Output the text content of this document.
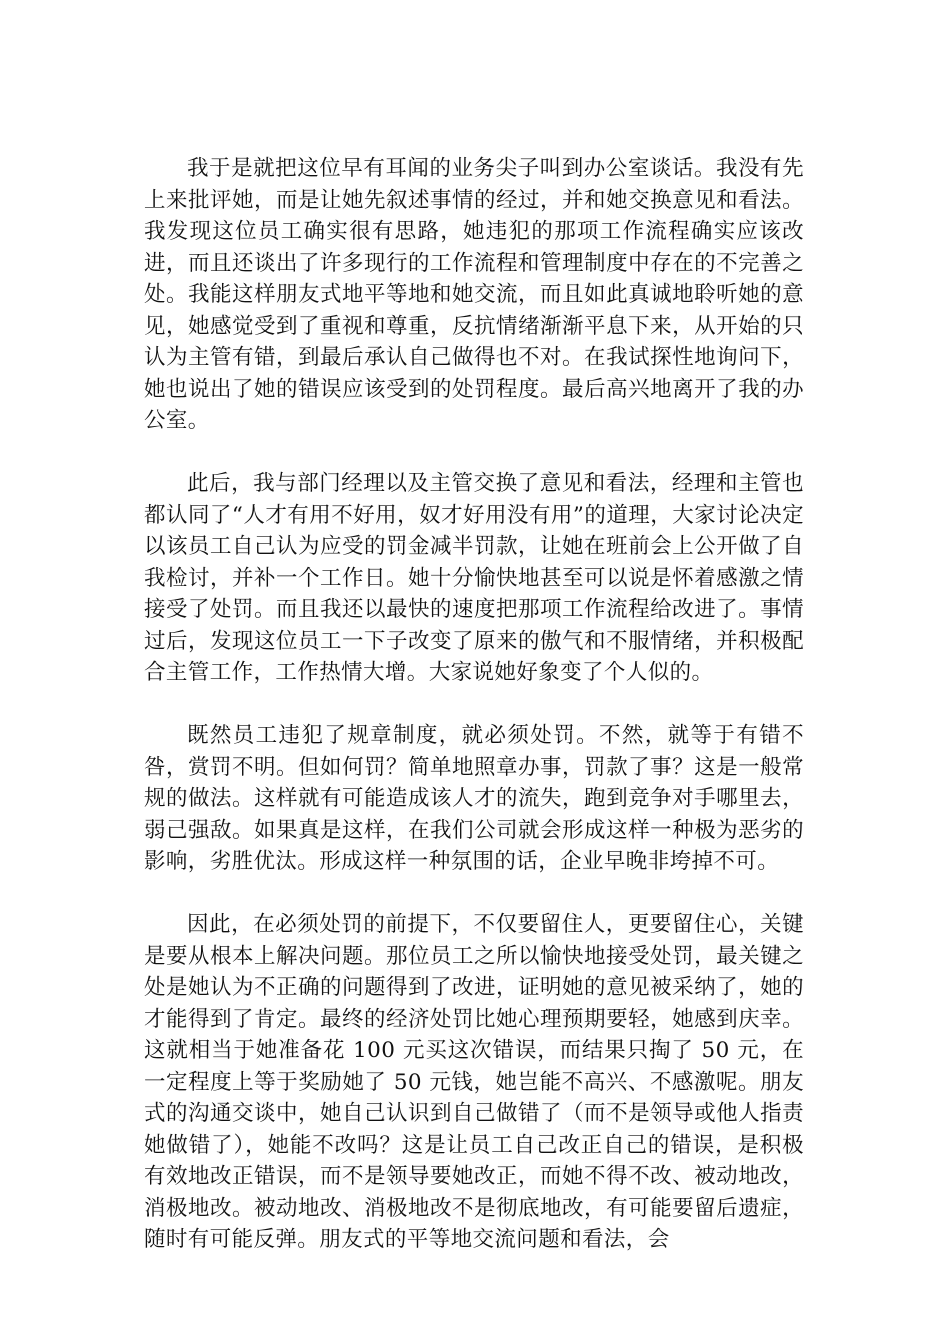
我于是就把这位早有耳闻的业务尖子叫到办公室谈话。我没有先上来批评她，而是让她先叙述事情的经过，并和她交换意见和看法。我发现这位员工确实很有思路，她违犯的那项工作流程确实应该改进，而且还谈出了许多现行的工作流程和管理制度中存在的不完善之处。我能这样朋友式地平等地和她交流，而且如此真诚地聆听她的意见，她感觉受到了重视和尊重，反抗情绪渐渐平息下来，从开始的只认为主管有错，到最后承认自己做得也不对。在我试探性地询问下，她也说出了她的错误应该受到的处罚程度。最后高兴地离开了我的办公室。

此后，我与部门经理以及主管交换了意见和看法，经理和主管也都认同了“人才有用不好用，奴才好用没有用”的道理，大家讨论决定以该员工自己认为应受的罚金减半罚款，让她在班前会上公开做了自我检讨，并补一个工作日。她十分愉快地甚至可以说是怀着感激之情接受了处罚。而且我还以最快的速度把那项工作流程给改进了。事情过后，发现这位员工一下子改变了原来的傲气和不服情绪，并积极配合主管工作，工作热情大增。大家说她好象变了个人似的。

既然员工违犯了规章制度，就必须处罚。不然，就等于有错不咎，赏罚不明。但如何罚？简单地照章办事，罚款了事？这是一般常规的做法。这样就有可能造成该人才的流失，跑到竞争对手哪里去，弱己强敌。如果真是这样，在我们公司就会形成这样一种极为恶劣的影响，劣胜优汰。形成这样一种氛围的话，企业早晚非垮掉不可。

因此，在必须处罚的前提下，不仅要留住人，更要留住心，关键是要从根本上解决问题。那位员工之所以愉快地接受处罚，最关键之处是她认为不正确的问题得到了改进，证明她的意见被采纳了，她的才能得到了肯定。最终的经济处罚比她心理预期要轻，她感到庆幸。这就相当于她准备花 100 元买这次错误，而结果只掏了 50 元，在一定程度上等于奖励她了 50 元钱，她岂能不高兴、不感激呢。朋友式的沟通交谈中，她自己认识到自己做错了（而不是领导或他人指责她做错了），她能不改吗？这是让员工自己改正自己的错误，是积极有效地改正错误，而不是领导要她改正，而她不得不改、被动地改，消极地改。被动地改、消极地改不是彻底地改，有可能要留后遗症，随时有可能反弹。朋友式的平等地交流问题和看法，会
